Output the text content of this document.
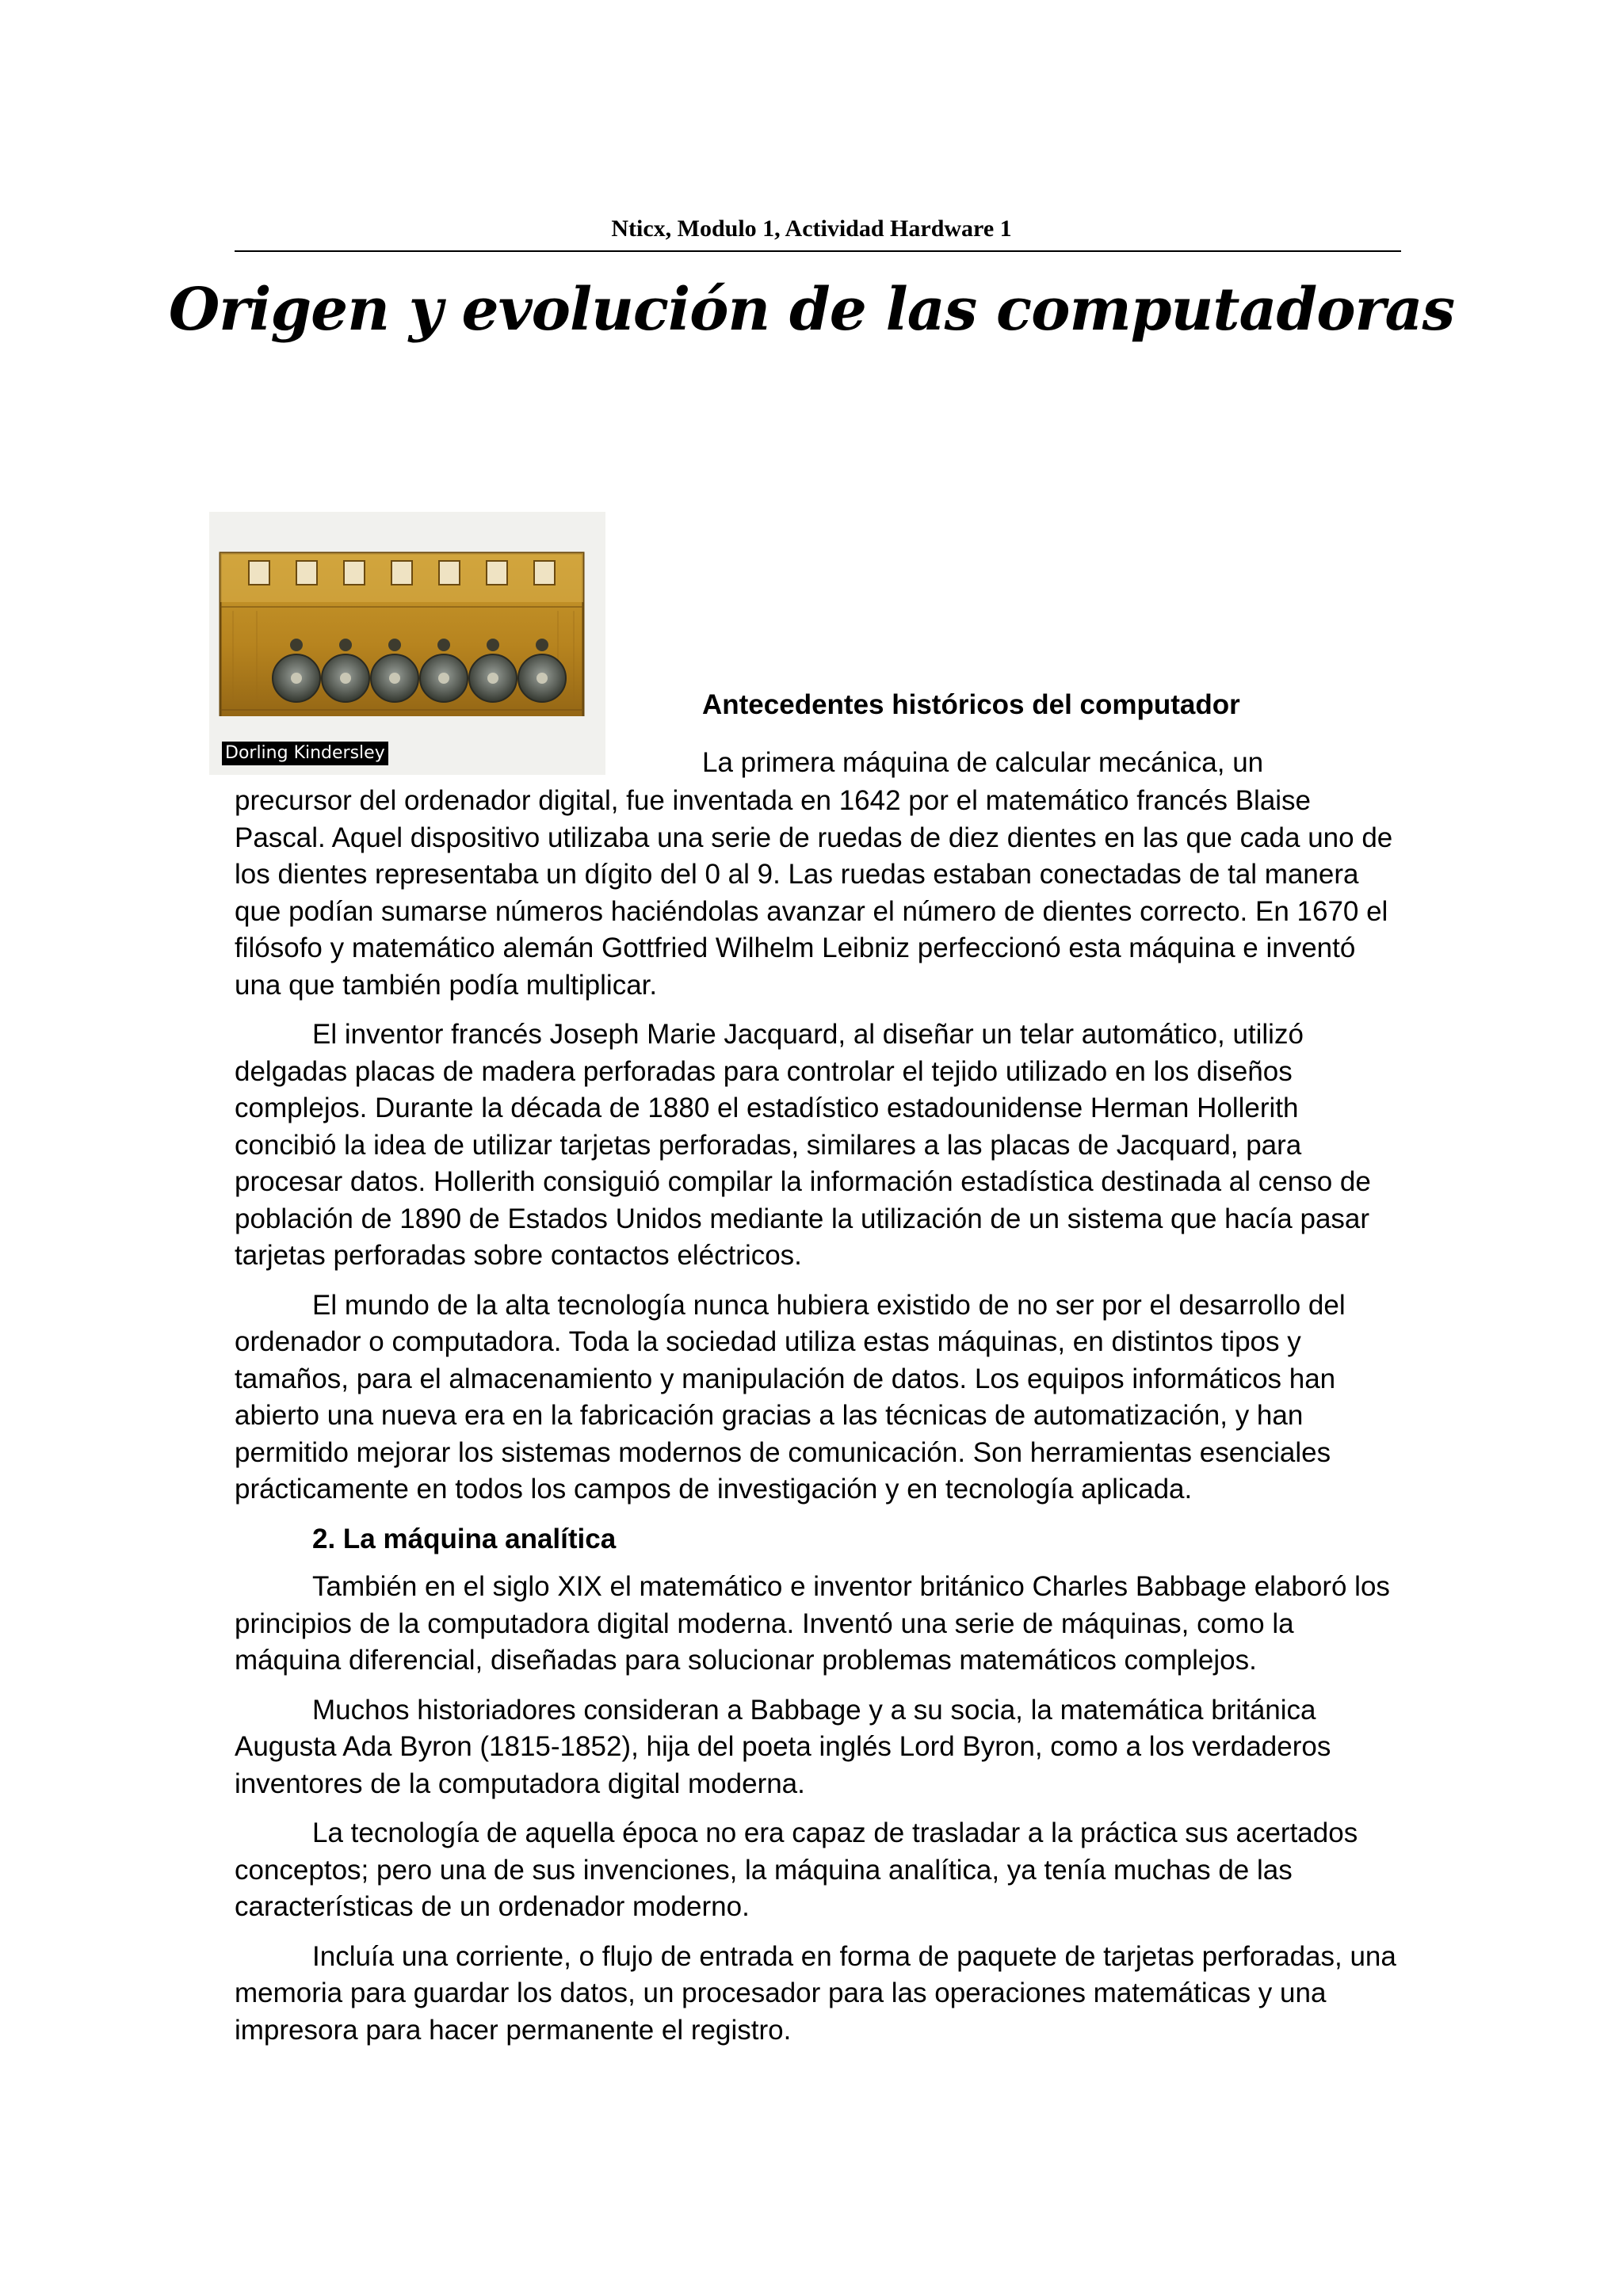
Nticx, Modulo 1, Actividad Hardware 1
Origen y evolución de las computadoras
Dorling Kindersley
Antecedentes históricos del computador
La primera máquina de calcular mecánica, un

precursor del ordenador digital, fue inventada en 1642 por el matemático francés Blaise Pascal. Aquel dispositivo utilizaba una serie de ruedas de diez dientes en las que cada uno de los dientes representaba un dígito del 0 al 9. Las ruedas estaban conectadas de tal manera que podían sumarse números haciéndolas avanzar el número de dientes correcto. En 1670 el filósofo y matemático alemán Gottfried Wilhelm Leibniz perfeccionó esta máquina e inventó una que también podía multiplicar.

El inventor francés Joseph Marie Jacquard, al diseñar un telar automático, utilizó delgadas placas de madera perforadas para controlar el tejido utilizado en los diseños complejos. Durante la década de 1880 el estadístico estadounidense Herman Hollerith concibió la idea de utilizar tarjetas perforadas, similares a las placas de Jacquard, para procesar datos. Hollerith consiguió compilar la información estadística destinada al censo de población de 1890 de Estados Unidos mediante la utilización de un sistema que hacía pasar tarjetas perforadas sobre contactos eléctricos.

El mundo de la alta tecnología nunca hubiera existido de no ser por el desarrollo del ordenador o computadora. Toda la sociedad utiliza estas máquinas, en distintos tipos y tamaños, para el almacenamiento y manipulación de datos. Los equipos informáticos han abierto una nueva era en la fabricación gracias a las técnicas de automatización, y han permitido mejorar los sistemas modernos de comunicación. Son herramientas esenciales prácticamente en todos los campos de investigación y en tecnología aplicada.

2. La máquina analítica

También en el siglo XIX el matemático e inventor británico Charles Babbage elaboró los principios de la computadora digital moderna. Inventó una serie de máquinas, como la máquina diferencial, diseñadas para solucionar problemas matemáticos complejos.

Muchos historiadores consideran a Babbage y a su socia, la matemática británica Augusta Ada Byron (1815-1852), hija del poeta inglés Lord Byron, como a los verdaderos inventores de la computadora digital moderna.

La tecnología de aquella época no era capaz de trasladar a la práctica sus acertados conceptos; pero una de sus invenciones, la máquina analítica, ya tenía muchas de las características de un ordenador moderno.

Incluía una corriente, o flujo de entrada en forma de paquete de tarjetas perforadas, una memoria para guardar los datos, un procesador para las operaciones matemáticas y una impresora para hacer permanente el registro.
